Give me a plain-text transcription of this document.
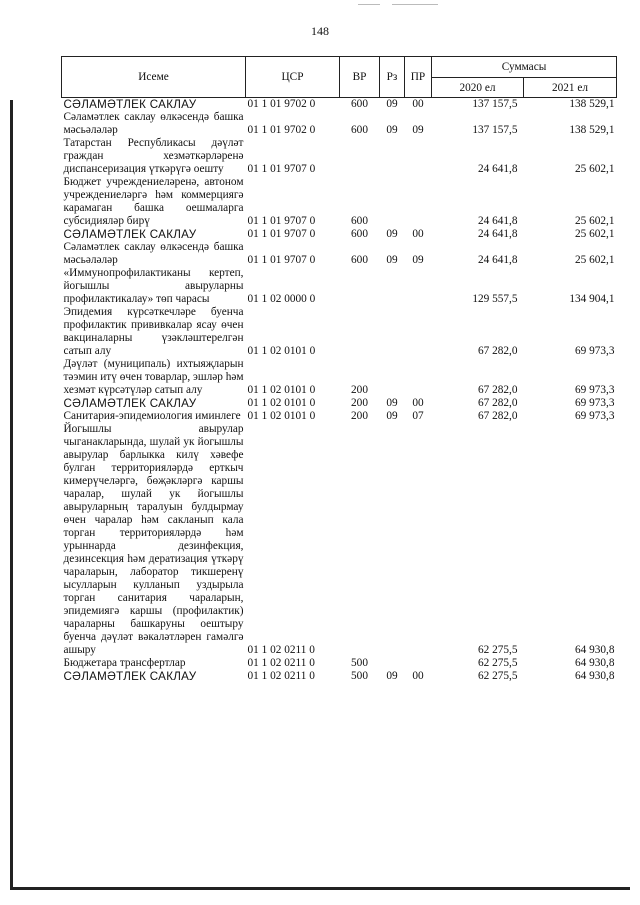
148
Исеме	ЦСР	ВР	Рз	ПР	Суммасы	
					2020 ел	2021 ел
СӘЛАМӘТЛЕК САКЛАУ	01 1 01 9702 0	600	09	00	137 157,5	138 529,1
Сәламәтлек саклау өлкәсендә башка мәсьәләләр	01 1 01 9702 0	600	09	09	137 157,5	138 529,1
Татарстан Республикасы дәүләт граждан хезмәткәрләренә диспансеризация үткәрүгә оешту	01 1 01 9707 0				24 641,8	25 602,1
Бюджет учреждениеләренә, автоном учреждениеләргә һәм коммерциягә карамаган башка оешмаларга субсидияләр бирү	01 1 01 9707 0	600			24 641,8	25 602,1
СӘЛАМӘТЛЕК САКЛАУ	01 1 01 9707 0	600	09	00	24 641,8	25 602,1
Сәламәтлек саклау өлкәсендә башка мәсьәләләр	01 1 01 9707 0	600	09	09	24 641,8	25 602,1
«Иммунопрофилактиканы кертеп, йогышлы авыруларны профилактикалау» төп чарасы	01 1 02 0000 0				129 557,5	134 904,1
Эпидемия күрсәткечләре буенча профилактик прививкалар ясау өчен вакциналарны үзәкләштерелгән сатып алу	01 1 02 0101 0				67 282,0	69 973,3
Дәүләт (муниципаль) ихтыяҗларын тәэмин итү өчен товарлар, эшләр һәм хезмәт күрсәтүләр сатып алу	01 1 02 0101 0	200			67 282,0	69 973,3
СӘЛАМӘТЛЕК САКЛАУ	01 1 02 0101 0	200	09	00	67 282,0	69 973,3
Санитария-эпидемиология иминлеге	01 1 02 0101 0	200	09	07	67 282,0	69 973,3
Йогышлы авырулар чыганакларында, шулай ук йогышлы авырулар барлыкка килү хәвефе булган территорияләрдә ерткыч кимерүчеләргә, бөҗәкләргә каршы чаралар, шулай ук йогышлы авыруларның таралуын булдырмау өчен чаралар һәм сакланып кала торган территорияләрдә һәм урыннарда дезинфекция, дезинсекция һәм дератизация үткәрү чараларын, лаборатор тикшеренү ысулларын кулланып уздырыла торган санитария чараларын, эпидемиягә каршы (профилактик) чараларны башкаруны оештыру буенча дәүләт вәкаләтләрен гамәлгә ашыру	01 1 02 0211 0				62 275,5	64 930,8
Бюджетара трансфертлар	01 1 02 0211 0	500			62 275,5	64 930,8
СӘЛАМӘТЛЕК САКЛАУ	01 1 02 0211 0	500	09	00	62 275,5	64 930,8
